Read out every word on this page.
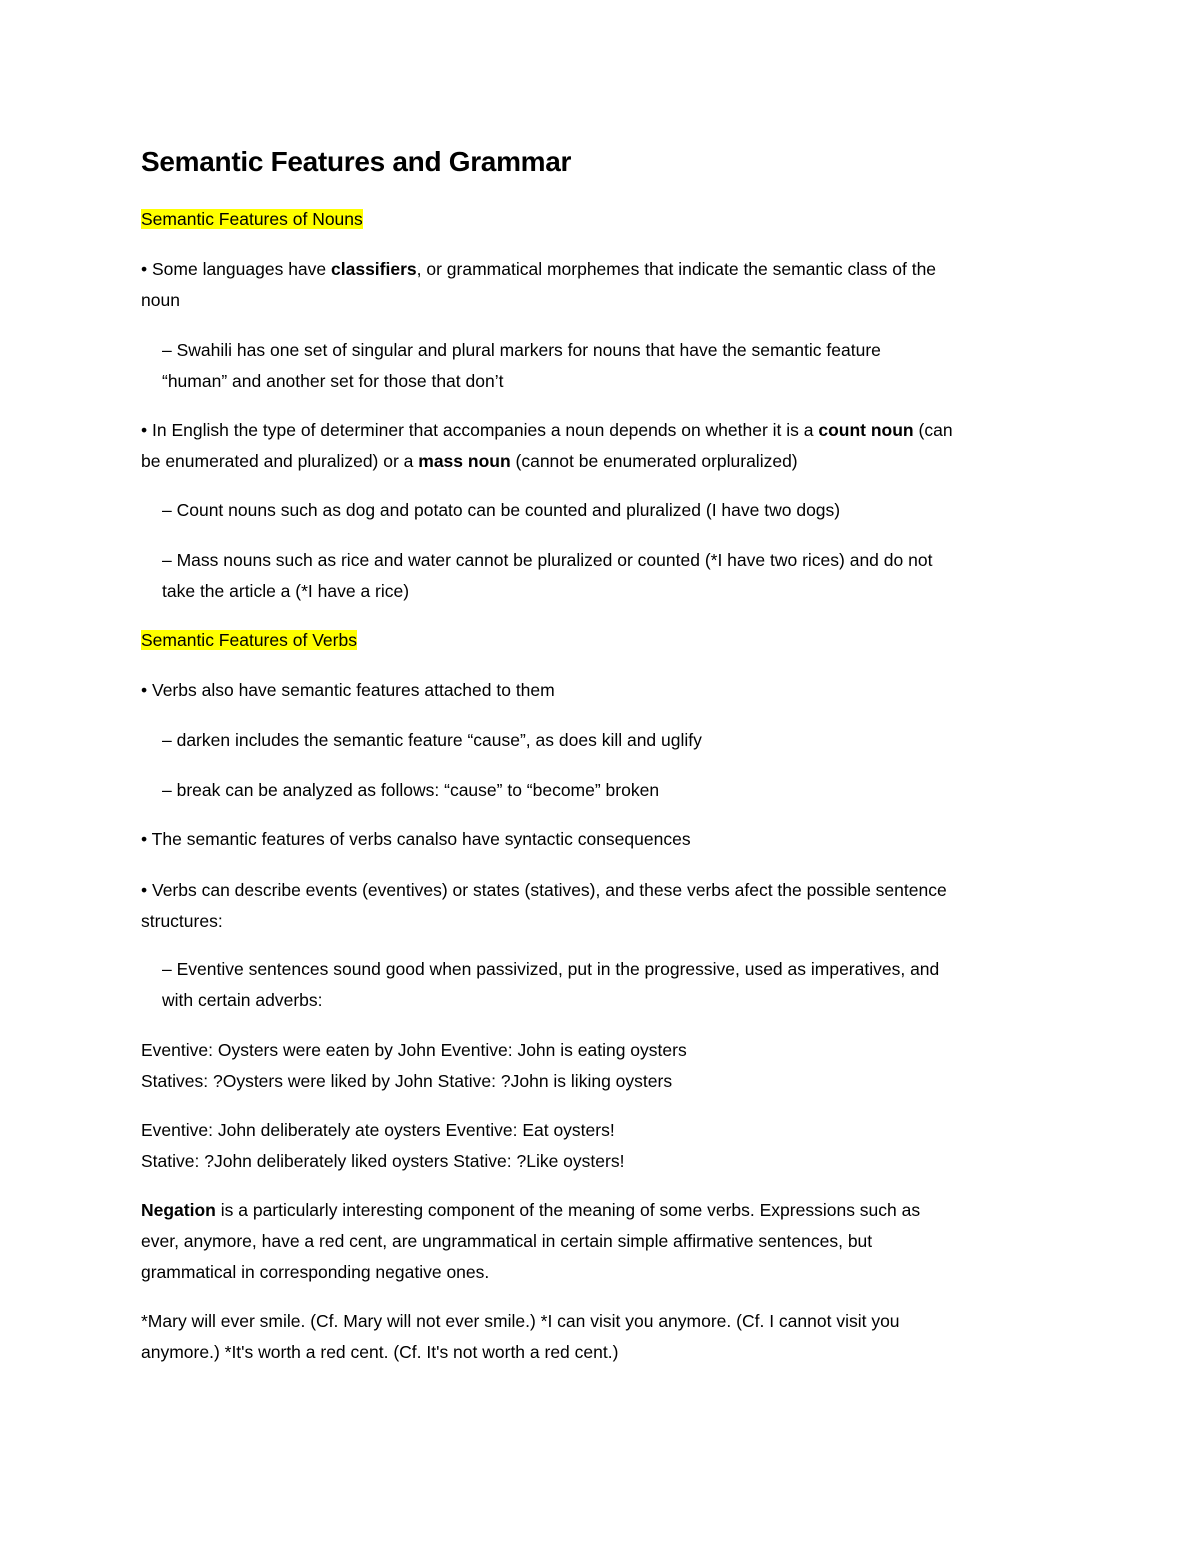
Semantic Features and Grammar

Semantic Features of Nouns

• Some languages have classifiers, or grammatical morphemes that indicate the semantic class of the
noun

– Swahili has one set of singular and plural markers for nouns that have the semantic feature
“human” and another set for those that don’t

• In English the type of determiner that accompanies a noun depends on whether it is a count noun (can
be enumerated and pluralized) or a mass noun (cannot be enumerated orpluralized)

– Count nouns such as dog and potato can be counted and pluralized (I have two dogs)

– Mass nouns such as rice and water cannot be pluralized or counted (*I have two rices) and do not
take the article a (*I have a rice)

Semantic Features of Verbs

• Verbs also have semantic features attached to them

– darken includes the semantic feature “cause”, as does kill and uglify

– break can be analyzed as follows: “cause” to “become” broken

• The semantic features of verbs canalso have syntactic consequences

• Verbs can describe events (eventives) or states (statives), and these verbs afect the possible sentence
structures:

– Eventive sentences sound good when passivized, put in the progressive, used as imperatives, and
with certain adverbs:

Eventive: Oysters were eaten by John Eventive: John is eating oysters
Statives: ?Oysters were liked by John Stative: ?John is liking oysters

Eventive: John deliberately ate oysters Eventive: Eat oysters!
Stative: ?John deliberately liked oysters Stative: ?Like oysters!

Negation is a particularly interesting component of the meaning of some verbs. Expressions such as
ever, anymore, have a red cent, are ungrammatical in certain simple affirmative sentences, but
grammatical in corresponding negative ones.

*Mary will ever smile. (Cf. Mary will not ever smile.) *I can visit you anymore. (Cf. I cannot visit you
anymore.) *It's worth a red cent. (Cf. It's not worth a red cent.)
